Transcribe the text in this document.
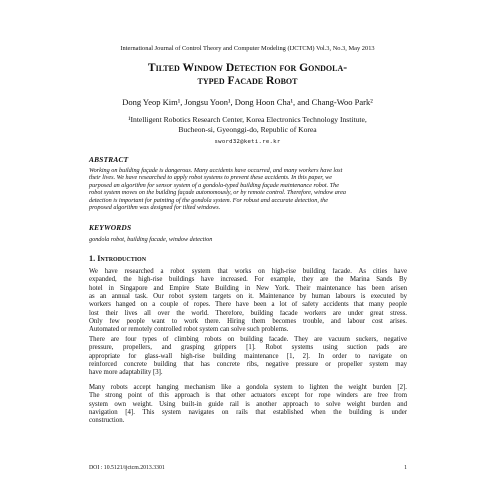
International Journal of Control Theory and Computer Modeling (IJCTCM) Vol.3, No.3, May 2013
Tilted Window Detection for Gondola-
typed Facade Robot
Dong Yeop Kim¹, Jongsu Yoon¹, Dong Hoon Cha¹, and Chang-Woo Park²
¹Intelligent Robotics Research Center, Korea Electronics Technology Institute,
Bucheon-si, Gyeonggi-do, Republic of Korea
sword32@keti.re.kr
ABSTRACT
Working on building façade is dangerous. Many accidents have occurred, and many workers have lost
their lives. We have researched to apply robot systems to prevent these accidents. In this paper, we
purposed an algorithm for sensor system of a gondola-typed building façade maintenance robot. The
robot system moves on the building façade autonomously, or by remote control. Therefore, window area
detection is important for painting of the gondola system. For robust and accurate detection, the
proposed algorithm was designed for tilted windows.
KEYWORDS
gondola robot, building facade, window detection
1. Introduction
We have researched a robot system that works on high-rise building facade. As cities have
expanded, the high-rise buildings have increased. For example, they are the Marina Sands By
hotel in Singapore and Empire State Building in New York. Their maintenance has been arisen
as an annual task. Our robot system targets on it. Maintenance by human labours is executed by
workers hanged on a couple of ropes. There have been a lot of safety accidents that many people
lost their lives all over the world. Therefore, building facade workers are under great stress.
Only few people want to work there. Hiring them becomes trouble, and labour cost arises.
Automated or remotely controlled robot system can solve such problems.
There are four types of climbing robots on building facade. They are vacuum suckers, negative
pressure, propellers, and grasping grippers [1]. Robot systems using suction pads are
appropriate for glass-wall high-rise building maintenance [1, 2]. In order to navigate on
reinforced concrete building that has concrete ribs, negative pressure or propeller system may
have more adaptability [3].
Many robots accept hanging mechanism like a gondola system to lighten the weight burden [2].
The strong point of this approach is that other actuators except for rope winders are free from
system own weight. Using built-in guide rail is another approach to solve weight burden and
navigation [4]. This system navigates on rails that established when the building is under
construction.
DOI : 10.5121/ijctcm.2013.3301	1
